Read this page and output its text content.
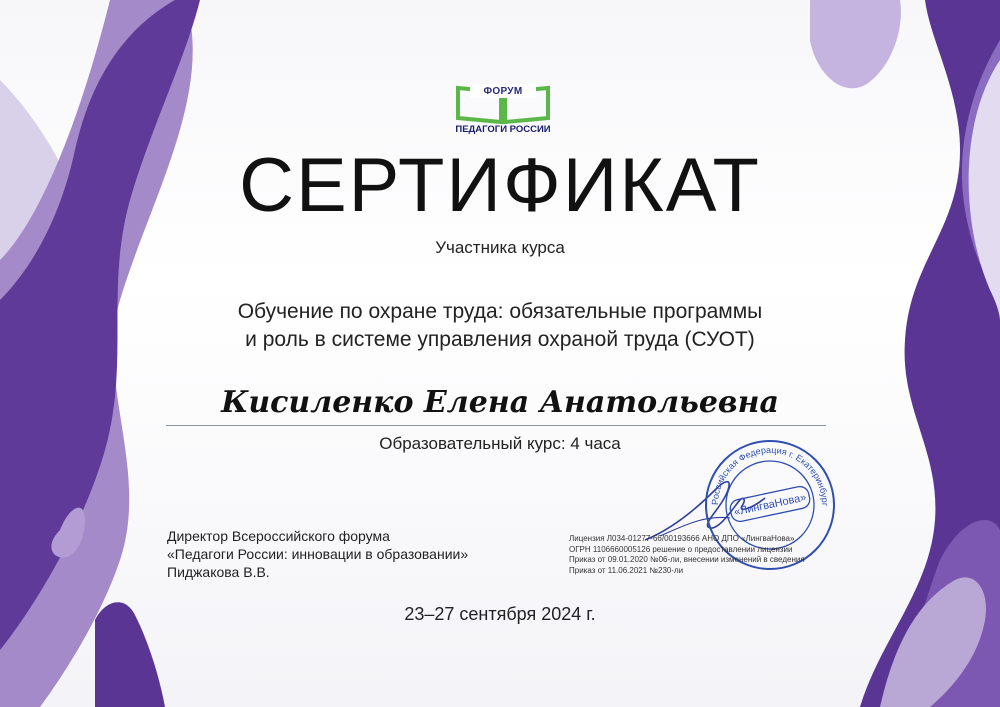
ФОРУМ
ПЕДАГОГИ РОССИИ
СЕРТИФИКАТ
Участника курса
Обучение по охране труда: обязательные программы
и роль в системе управления охраной труда (СУОТ)
Кисиленко Елена Анатольевна
Образовательный курс: 4 часа
Директор Всероссийского форума
«Педагоги России: инновации в образовании»
Пиджакова В.В.
Российская Федерация г. Екатеринбург
«ЛингваНова»
Лицензия Л034-01277-66/00193666 АНО ДПО «ЛингваНова»
ОГРН 1106660005126 решение о предоставлении лицензии
Приказ от 09.01.2020 №06-ли, внесении изменений в сведения
Приказ от 11.06.2021 №230-ли
23–27 сентября 2024 г.
